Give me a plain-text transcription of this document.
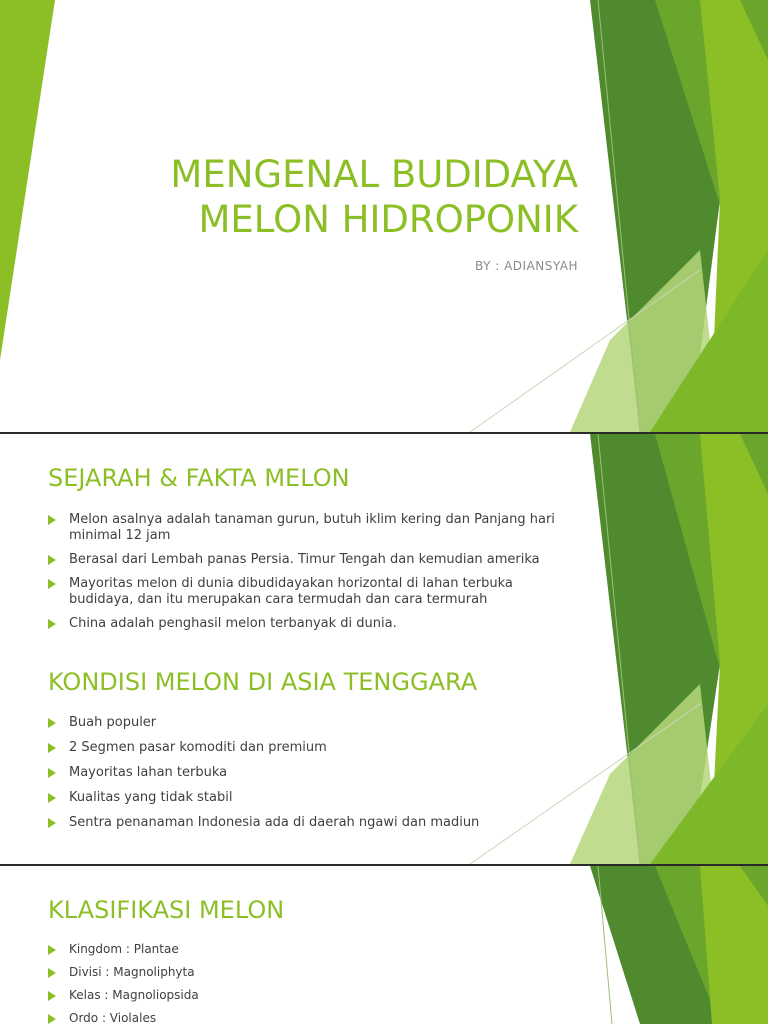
MENGENAL BUDIDAYA
MELON HIDROPONIK

BY : ADIANSYAH

SEJARAH & FAKTA MELON
Melon asalnya adalah tanaman gurun, butuh iklim kering dan Panjang hari minimal 12 jam
Berasal dari Lembah panas Persia. Timur Tengah dan kemudian amerika
Mayoritas melon di dunia dibudidayakan horizontal di lahan terbuka budidaya, dan itu merupakan cara termudah dan cara termurah
China adalah penghasil melon terbanyak di dunia.
KONDISI MELON DI ASIA TENGGARA
Buah populer
2 Segmen pasar komoditi dan premium
Mayoritas lahan terbuka
Kualitas yang tidak stabil
Sentra penanaman Indonesia ada di daerah ngawi dan madiun
KLASIFIKASI MELON
Kingdom : Plantae
Divisi : Magnoliphyta
Kelas : Magnoliopsida
Ordo : Violales
